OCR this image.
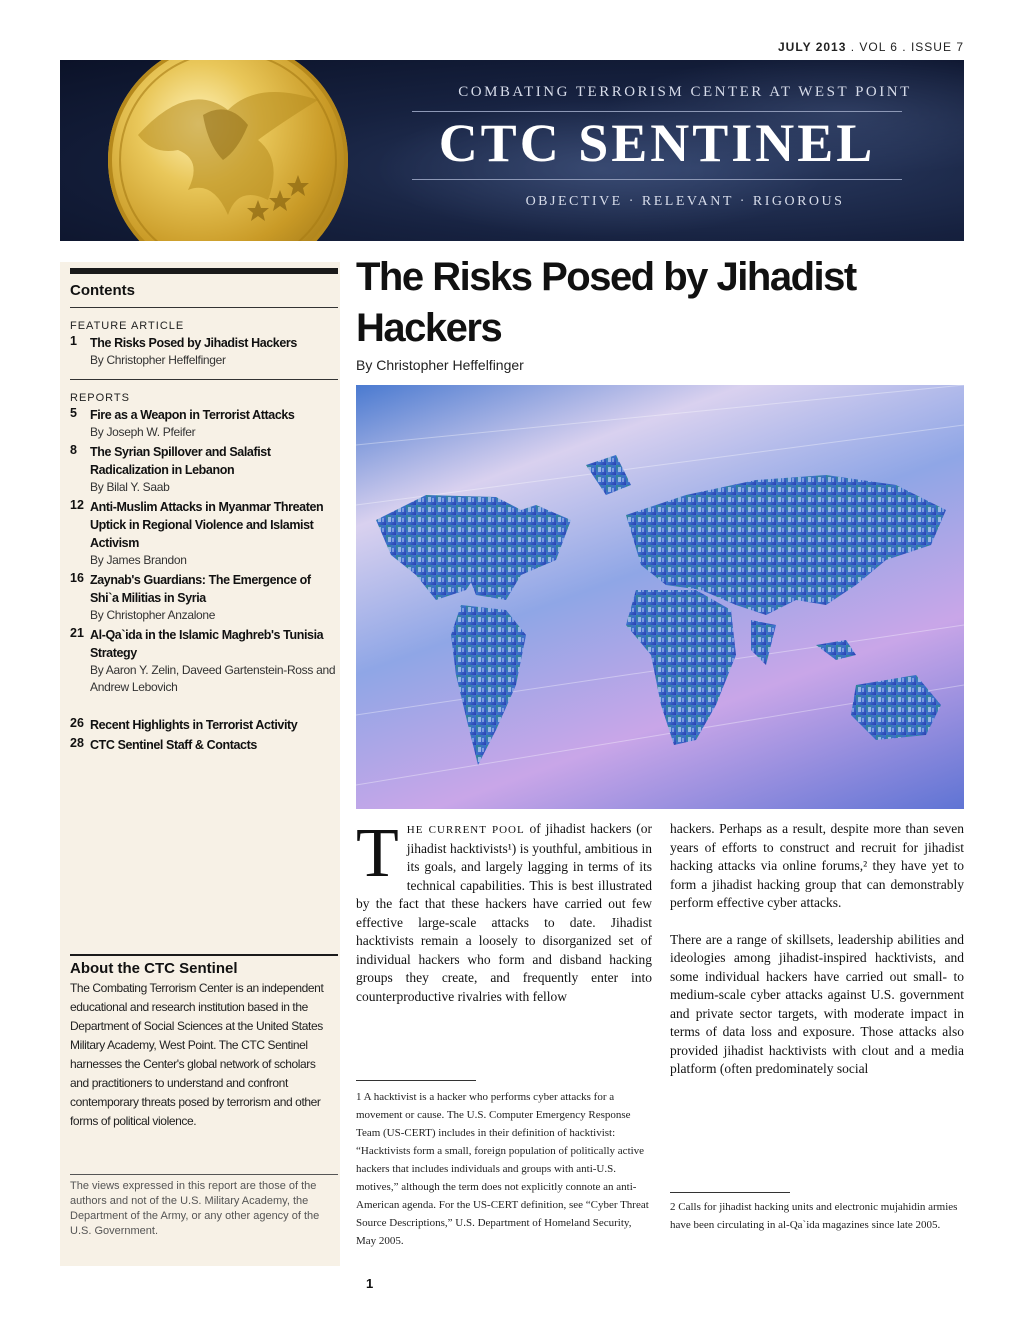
JULY 2013 . VOL 6 . ISSUE 7
COMBATING TERRORISM CENTER AT WEST POINT
CTC SENTINEL
OBJECTIVE · RELEVANT · RIGOROUS
Contents
FEATURE ARTICLE
1	The Risks Posed by Jihadist Hackers
By Christopher Heffelfinger
REPORTS
5	Fire as a Weapon in Terrorist Attacks
By Joseph W. Pfeifer
8	The Syrian Spillover and Salafist Radicalization in Lebanon
By Bilal Y. Saab
12 Anti-Muslim Attacks in Myanmar Threaten Uptick in Regional Violence and Islamist Activism
By James Brandon
16 Zaynab's Guardians: The Emergence of Shi`a Militias in Syria
By Christopher Anzalone
21 Al-Qa`ida in the Islamic Maghreb's Tunisia Strategy
By Aaron Y. Zelin, Daveed Gartenstein-Ross and Andrew Lebovich
26 Recent Highlights in Terrorist Activity
28 CTC Sentinel Staff & Contacts
About the CTC Sentinel
The Combating Terrorism Center is an independent educational and research institution based in the Department of Social Sciences at the United States Military Academy, West Point. The CTC Sentinel harnesses the Center's global network of scholars and practitioners to understand and confront contemporary threats posed by terrorism and other forms of political violence.
The views expressed in this report are those of the authors and not of the U.S. Military Academy, the Department of the Army, or any other agency of the U.S. Government.
The Risks Posed by Jihadist Hackers
By Christopher Heffelfinger
THE CURRENT POOL of jihadist hackers (or jihadist hacktivists¹) is youthful, ambitious in its goals, and largely lagging in terms of its technical capabilities. This is best illustrated by the fact that these hackers have carried out few effective large-scale attacks to date. Jihadist hacktivists remain a loosely to disorganized set of individual hackers who form and disband hacking groups they create, and frequently enter into counterproductive rivalries with fellow
hackers. Perhaps as a result, despite more than seven years of efforts to construct and recruit for jihadist hacking attacks via online forums,² they have yet to form a jihadist hacking group that can demonstrably perform effective cyber attacks.
There are a range of skillsets, leadership abilities and ideologies among jihadist-inspired hacktivists, and some individual hackers have carried out small- to medium-scale cyber attacks against U.S. government and private sector targets, with moderate impact in terms of data loss and exposure. Those attacks also provided jihadist hacktivists with clout and a media platform (often predominately social
1 A hacktivist is a hacker who performs cyber attacks for a movement or cause. The U.S. Computer Emergency Response Team (US-CERT) includes in their definition of hacktivist: “Hacktivists form a small, foreign population of politically active hackers that includes individuals and groups with anti-U.S. motives,” although the term does not explicitly connote an anti-American agenda. For the US-CERT definition, see “Cyber Threat Source Descriptions,” U.S. Department of Homeland Security, May 2005.
2 Calls for jihadist hacking units and electronic mujahidin armies have been circulating in al-Qa`ida magazines since late 2005.
1
